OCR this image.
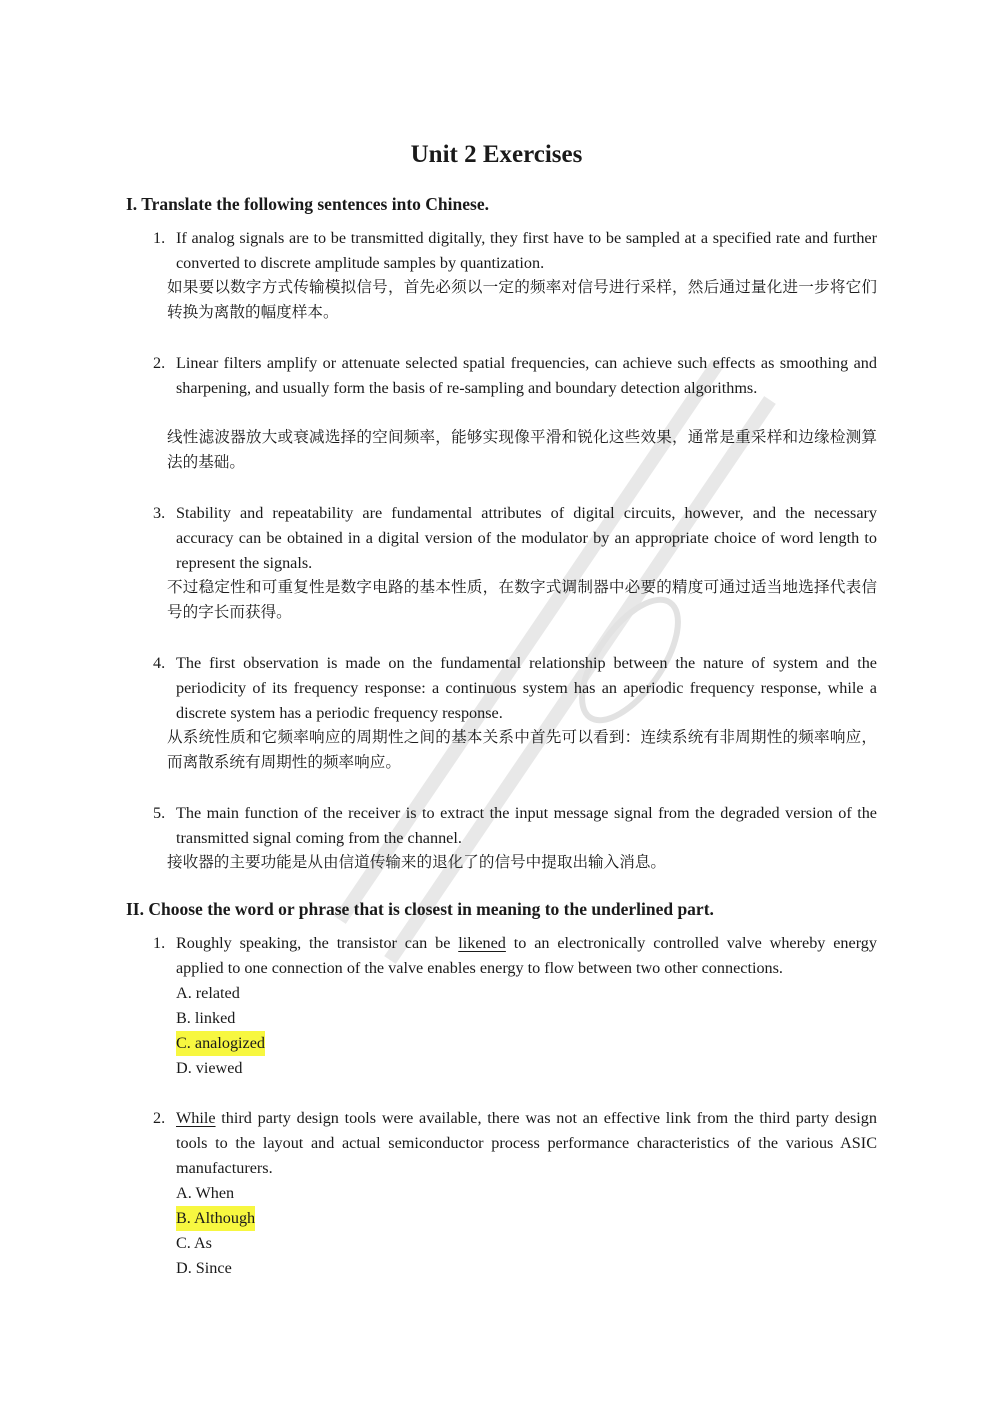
Unit 2 Exercises
I. Translate the following sentences into Chinese.
1. If analog signals are to be transmitted digitally, they first have to be sampled at a specified rate and further converted to discrete amplitude samples by quantization.
如果要以数字方式传输模拟信号，首先必须以一定的频率对信号进行采样，然后通过量化进一步将它们转换为离散的幅度样本。
2. Linear filters amplify or attenuate selected spatial frequencies, can achieve such effects as smoothing and sharpening, and usually form the basis of re-sampling and boundary detection algorithms.
线性滤波器放大或衰减选择的空间频率，能够实现像平滑和锐化这些效果，通常是重采样和边缘检测算法的基础。
3. Stability and repeatability are fundamental attributes of digital circuits, however, and the necessary accuracy can be obtained in a digital version of the modulator by an appropriate choice of word length to represent the signals.
不过稳定性和可重复性是数字电路的基本性质，在数字式调制器中必要的精度可通过适当地选择代表信号的字长而获得。
4. The first observation is made on the fundamental relationship between the nature of system and the periodicity of its frequency response: a continuous system has an aperiodic frequency response, while a discrete system has a periodic frequency response.
从系统性质和它频率响应的周期性之间的基本关系中首先可以看到：连续系统有非周期性的频率响应，而离散系统有周期性的频率响应。
5. The main function of the receiver is to extract the input message signal from the degraded version of the transmitted signal coming from the channel.
接收器的主要功能是从由信道传输来的退化了的信号中提取出输入消息。
II. Choose the word or phrase that is closest in meaning to the underlined part.
1. Roughly speaking, the transistor can be likened to an electronically controlled valve whereby energy applied to one connection of the valve enables energy to flow between two other connections.
A. related
B. linked
C. analogized
D. viewed
2. While third party design tools were available, there was not an effective link from the third party design tools to the layout and actual semiconductor process performance characteristics of the various ASIC manufacturers.
A. When
B. Although
C. As
D. Since
